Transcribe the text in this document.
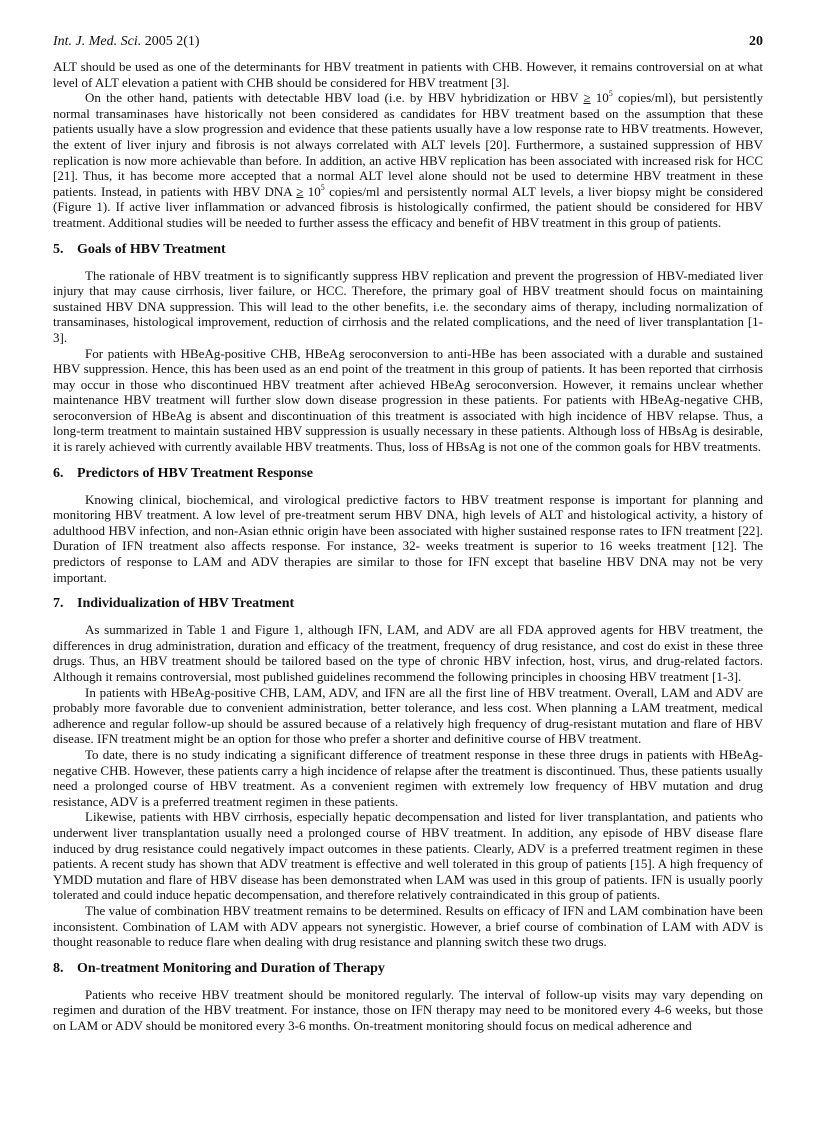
Int. J. Med. Sci. 2005 2(1)	20

ALT should be used as one of the determinants for HBV treatment in patients with CHB. However, it remains controversial on at what level of ALT elevation a patient with CHB should be considered for HBV treatment [3].

On the other hand, patients with detectable HBV load (i.e. by HBV hybridization or HBV ≥ $10^5$ copies/ml), but persistently normal transaminases have historically not been considered as candidates for HBV treatment based on the assumption that these patients usually have a slow progression and evidence that these patients usually have a low response rate to HBV treatments. However, the extent of liver injury and fibrosis is not always correlated with ALT levels [20]. Furthermore, a sustained suppression of HBV replication is now more achievable than before. In addition, an active HBV replication has been associated with increased risk for HCC [21]. Thus, it has become more accepted that a normal ALT level alone should not be used to determine HBV treatment in these patients. Instead, in patients with HBV DNA ≥ $10^5$ copies/ml and persistently normal ALT levels, a liver biopsy might be considered (Figure 1). If active liver inflammation or advanced fibrosis is histologically confirmed, the patient should be considered for HBV treatment. Additional studies will be needed to further assess the efficacy and benefit of HBV treatment in this group of patients.

5. Goals of HBV Treatment

The rationale of HBV treatment is to significantly suppress HBV replication and prevent the progression of HBV-mediated liver injury that may cause cirrhosis, liver failure, or HCC. Therefore, the primary goal of HBV treatment should focus on maintaining sustained HBV DNA suppression. This will lead to the other benefits, i.e. the secondary aims of therapy, including normalization of transaminases, histological improvement, reduction of cirrhosis and the related complications, and the need of liver transplantation [1-3].

For patients with HBeAg-positive CHB, HBeAg seroconversion to anti-HBe has been associated with a durable and sustained HBV suppression. Hence, this has been used as an end point of the treatment in this group of patients. It has been reported that cirrhosis may occur in those who discontinued HBV treatment after achieved HBeAg seroconversion. However, it remains unclear whether maintenance HBV treatment will further slow down disease progression in these patients. For patients with HBeAg-negative CHB, seroconversion of HBeAg is absent and discontinuation of this treatment is associated with high incidence of HBV relapse. Thus, a long-term treatment to maintain sustained HBV suppression is usually necessary in these patients. Although loss of HBsAg is desirable, it is rarely achieved with currently available HBV treatments. Thus, loss of HBsAg is not one of the common goals for HBV treatments.

6. Predictors of HBV Treatment Response

Knowing clinical, biochemical, and virological predictive factors to HBV treatment response is important for planning and monitoring HBV treatment. A low level of pre-treatment serum HBV DNA, high levels of ALT and histological activity, a history of adulthood HBV infection, and non-Asian ethnic origin have been associated with higher sustained response rates to IFN treatment [22]. Duration of IFN treatment also affects response. For instance, 32- weeks treatment is superior to 16 weeks treatment [12]. The predictors of response to LAM and ADV therapies are similar to those for IFN except that baseline HBV DNA may not be very important.

7. Individualization of HBV Treatment

As summarized in Table 1 and Figure 1, although IFN, LAM, and ADV are all FDA approved agents for HBV treatment, the differences in drug administration, duration and efficacy of the treatment, frequency of drug resistance, and cost do exist in these three drugs. Thus, an HBV treatment should be tailored based on the type of chronic HBV infection, host, virus, and drug-related factors. Although it remains controversial, most published guidelines recommend the following principles in choosing HBV treatment [1-3].

In patients with HBeAg-positive CHB, LAM, ADV, and IFN are all the first line of HBV treatment. Overall, LAM and ADV are probably more favorable due to convenient administration, better tolerance, and less cost. When planning a LAM treatment, medical adherence and regular follow-up should be assured because of a relatively high frequency of drug-resistant mutation and flare of HBV disease. IFN treatment might be an option for those who prefer a shorter and definitive course of HBV treatment.

To date, there is no study indicating a significant difference of treatment response in these three drugs in patients with HBeAg-negative CHB. However, these patients carry a high incidence of relapse after the treatment is discontinued. Thus, these patients usually need a prolonged course of HBV treatment. As a convenient regimen with extremely low frequency of HBV mutation and drug resistance, ADV is a preferred treatment regimen in these patients.

Likewise, patients with HBV cirrhosis, especially hepatic decompensation and listed for liver transplantation, and patients who underwent liver transplantation usually need a prolonged course of HBV treatment. In addition, any episode of HBV disease flare induced by drug resistance could negatively impact outcomes in these patients. Clearly, ADV is a preferred treatment regimen in these patients. A recent study has shown that ADV treatment is effective and well tolerated in this group of patients [15]. A high frequency of YMDD mutation and flare of HBV disease has been demonstrated when LAM was used in this group of patients. IFN is usually poorly tolerated and could induce hepatic decompensation, and therefore relatively contraindicated in this group of patients.

The value of combination HBV treatment remains to be determined. Results on efficacy of IFN and LAM combination have been inconsistent. Combination of LAM with ADV appears not synergistic. However, a brief course of combination of LAM with ADV is thought reasonable to reduce flare when dealing with drug resistance and planning switch these two drugs.

8. On-treatment Monitoring and Duration of Therapy

Patients who receive HBV treatment should be monitored regularly. The interval of follow-up visits may vary depending on regimen and duration of the HBV treatment. For instance, those on IFN therapy may need to be monitored every 4-6 weeks, but those on LAM or ADV should be monitored every 3-6 months. On-treatment monitoring should focus on medical adherence and
